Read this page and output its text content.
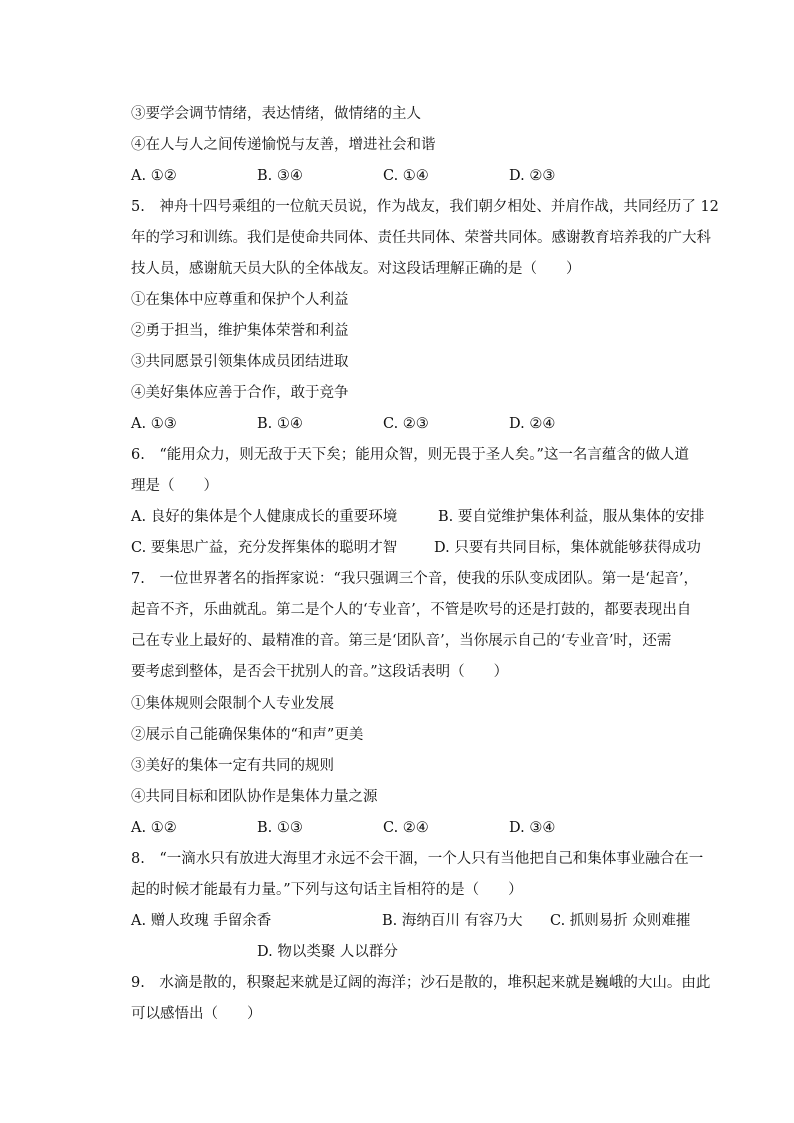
③要学会调节情绪，表达情绪，做情绪的主人
④在人与人之间传递愉悦与友善，增进社会和谐
A. ①②	B. ③④	C. ①④	D. ②③
5.　神舟十四号乘组的一位航天员说，作为战友，我们朝夕相处、并肩作战，共同经历了 12
年的学习和训练。我们是使命共同体、责任共同体、荣誉共同体。感谢教育培养我的广大科
技人员，感谢航天员大队的全体战友。对这段话理解正确的是（　　）
①在集体中应尊重和保护个人利益
②勇于担当，维护集体荣誉和利益
③共同愿景引领集体成员团结进取
④美好集体应善于合作，敢于竞争
A. ①③	B. ①④	C. ②③	D. ②④
6.　“能用众力，则无敌于天下矣；能用众智，则无畏于圣人矣。”这一名言蕴含的做人道
理是（　　）
A. 良好的集体是个人健康成长的重要环境	B. 要自觉维护集体利益，服从集体的安排
C. 要集思广益，充分发挥集体的聪明才智	D. 只要有共同目标，集体就能够获得成功
7.　一位世界著名的指挥家说：“我只强调三个音，使我的乐队变成团队。第一是‘起音’，
起音不齐，乐曲就乱。第二是个人的‘专业音’，不管是吹号的还是打鼓的，都要表现出自
己在专业上最好的、最精准的音。第三是‘团队音’，当你展示自己的‘专业音’时，还需
要考虑到整体，是否会干扰别人的音。”这段话表明（　　）
①集体规则会限制个人专业发展
②展示自己能确保集体的“和声”更美
③美好的集体一定有共同的规则
④共同目标和团队协作是集体力量之源
A. ①②	B. ①③	C. ②④	D. ③④
8.　“一滴水只有放进大海里才永远不会干涸，一个人只有当他把自己和集体事业融合在一
起的时候才能最有力量。”下列与这句话主旨相符的是（　　）
A. 赠人玫瑰 手留余香	B. 海纳百川 有容乃大 C. 抓则易折 众则难摧
D. 物以类聚 人以群分
9.　水滴是散的，积聚起来就是辽阔的海洋；沙石是散的，堆积起来就是巍峨的大山。由此
可以感悟出（　　）
